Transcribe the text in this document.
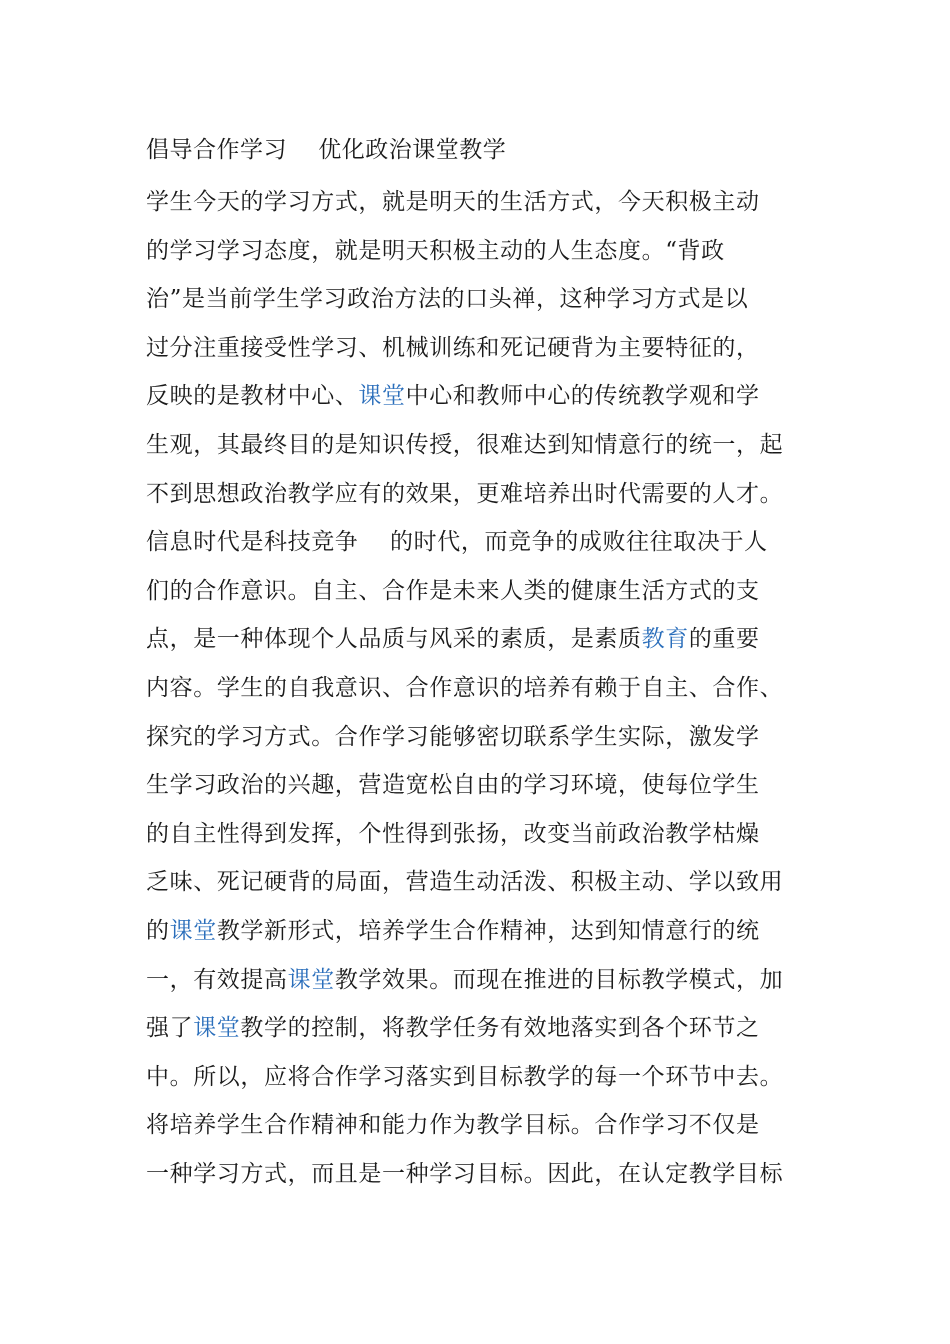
倡导合作学习    优化政治课堂教学
学生今天的学习方式，就是明天的生活方式，今天积极主动
的学习学习态度，就是明天积极主动的人生态度。“背政
治”是当前学生学习政治方法的口头禅，这种学习方式是以
过分注重接受性学习、机械训练和死记硬背为主要特征的，
反映的是教材中心、课堂中心和教师中心的传统教学观和学
生观，其最终目的是知识传授，很难达到知情意行的统一，起
不到思想政治教学应有的效果，更难培养出时代需要的人才。
信息时代是科技竞争    的时代，而竞争的成败往往取决于人
们的合作意识。自主、合作是未来人类的健康生活方式的支
点，是一种体现个人品质与风采的素质，是素质教育的重要
内容。学生的自我意识、合作意识的培养有赖于自主、合作、
探究的学习方式。合作学习能够密切联系学生实际，激发学
生学习政治的兴趣，营造宽松自由的学习环境，使每位学生
的自主性得到发挥，个性得到张扬，改变当前政治教学枯燥
乏味、死记硬背的局面，营造生动活泼、积极主动、学以致用
的课堂教学新形式，培养学生合作精神，达到知情意行的统
一，有效提高课堂教学效果。而现在推进的目标教学模式，加
强了课堂教学的控制，将教学任务有效地落实到各个环节之
中。所以，应将合作学习落实到目标教学的每一个环节中去。
将培养学生合作精神和能力作为教学目标。合作学习不仅是
一种学习方式，而且是一种学习目标。因此，在认定教学目标
